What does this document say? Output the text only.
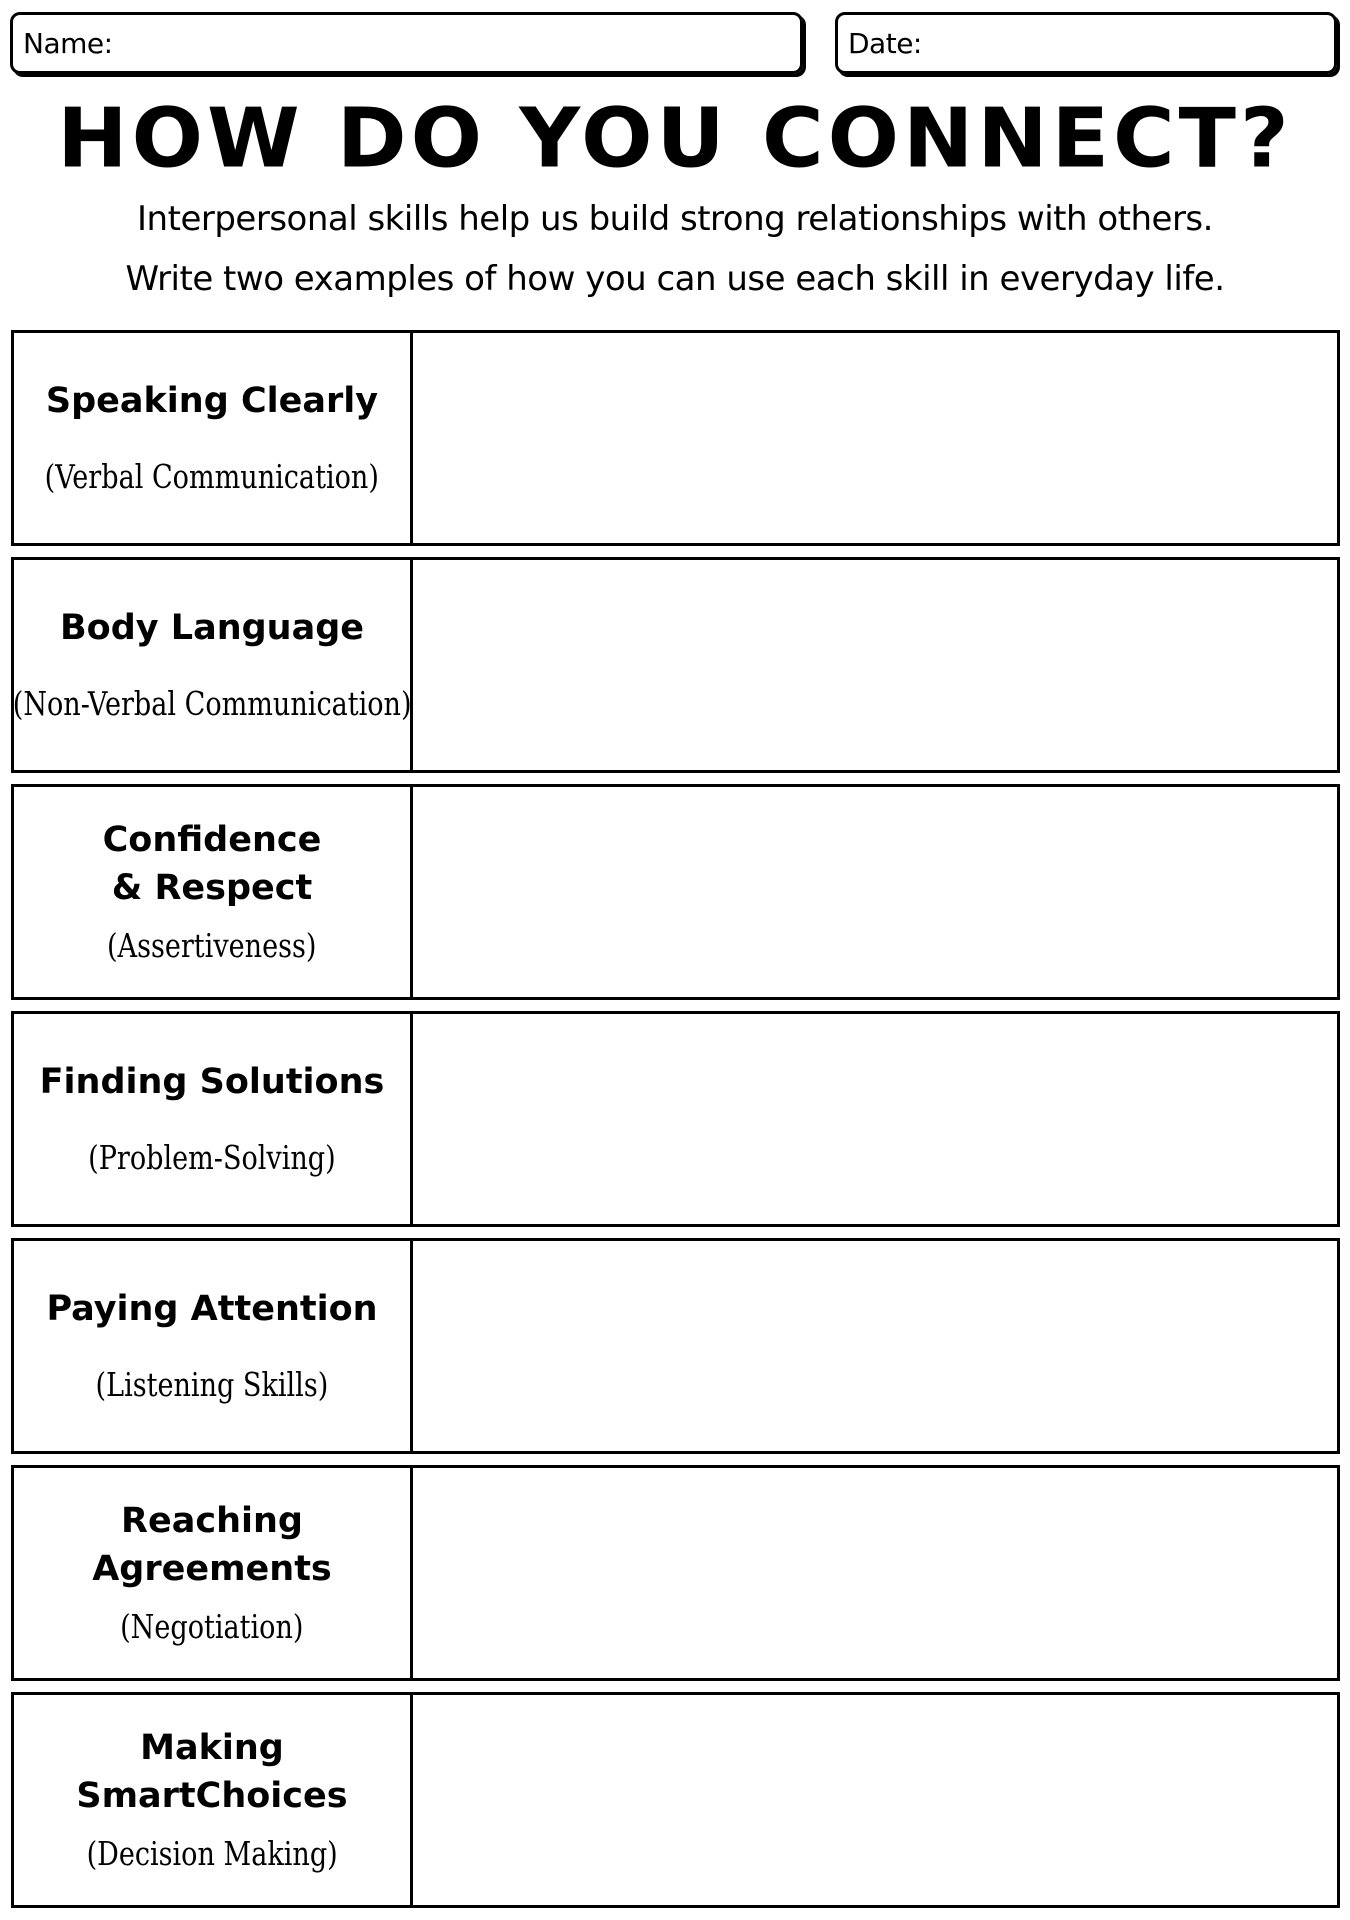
Name:	Date:
HOW DO YOU CONNECT?
Interpersonal skills help us build strong relationships with others.
Write two examples of how you can use each skill in everyday life.
Speaking Clearly
(Verbal Communication)
Body Language
(Non-Verbal Communication)
Confidence
& Respect
(Assertiveness)
Finding Solutions
(Problem-Solving)
Paying Attention
(Listening Skills)
Reaching
Agreements
(Negotiation)
Making
SmartChoices
(Decision Making)
